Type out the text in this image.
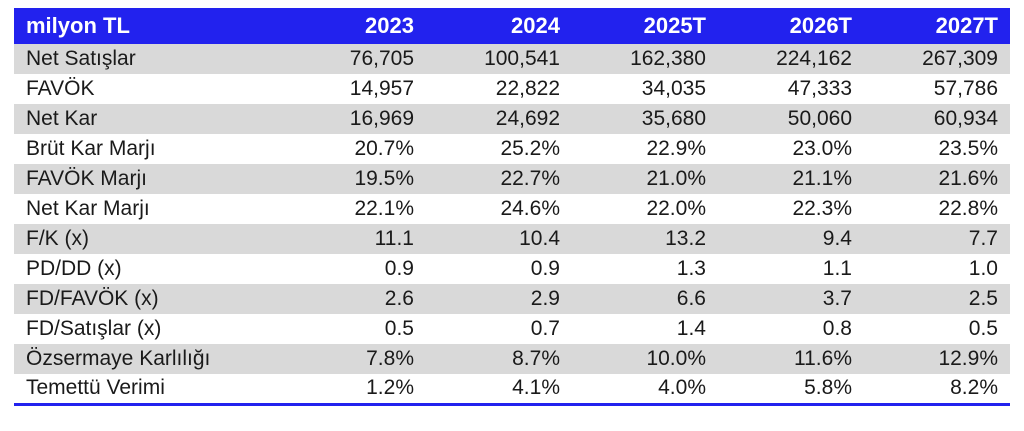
milyon TL	2023	2024	2025T	2026T	2027T
Net Satışlar	76,705	100,541	162,380	224,162	267,309
FAVÖK	14,957	22,822	34,035	47,333	57,786
Net Kar	16,969	24,692	35,680	50,060	60,934
Brüt Kar Marjı	20.7%	25.2%	22.9%	23.0%	23.5%
FAVÖK Marjı	19.5%	22.7%	21.0%	21.1%	21.6%
Net Kar Marjı	22.1%	24.6%	22.0%	22.3%	22.8%
F/K (x)	11.1	10.4	13.2	9.4	7.7
PD/DD (x)	0.9	0.9	1.3	1.1	1.0
FD/FAVÖK (x)	2.6	2.9	6.6	3.7	2.5
FD/Satışlar (x)	0.5	0.7	1.4	0.8	0.5
Özsermaye Karlılığı	7.8%	8.7%	10.0%	11.6%	12.9%
Temettü Verimi	1.2%	4.1%	4.0%	5.8%	8.2%
